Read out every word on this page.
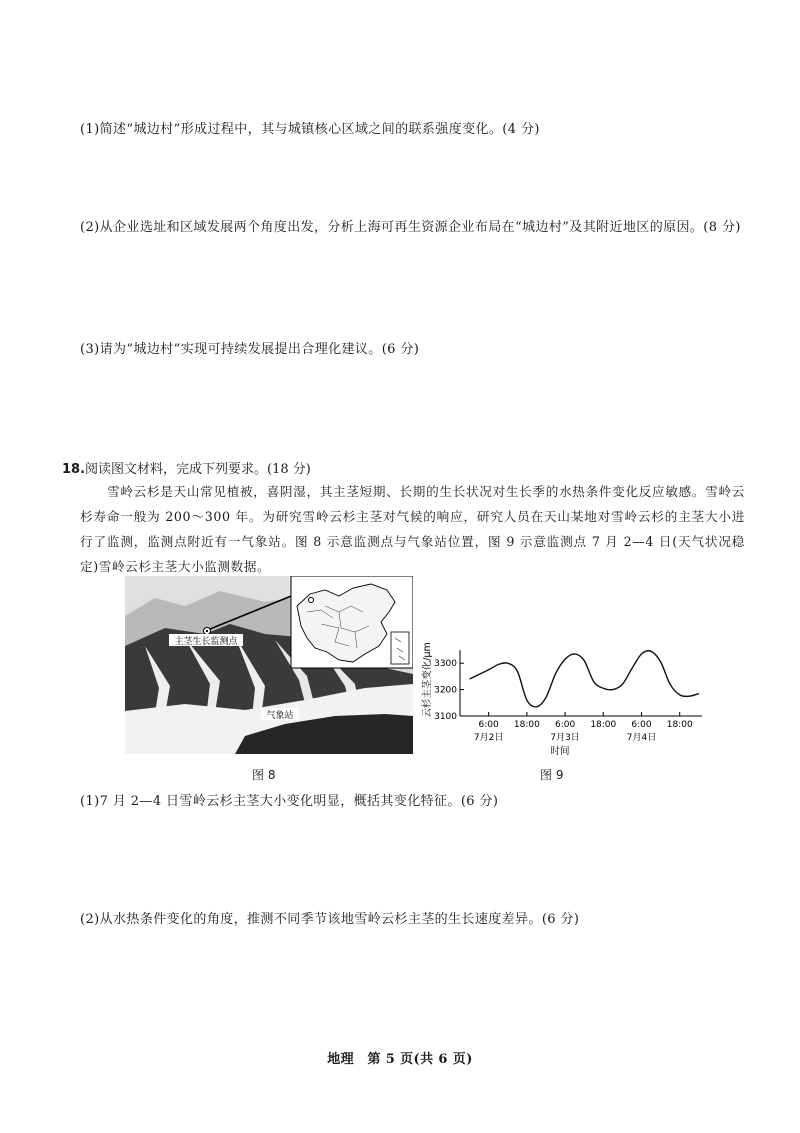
(1)简述“城边村”形成过程中，其与城镇核心区域之间的联系强度变化。(4 分)
(2)从企业选址和区域发展两个角度出发，分析上海可再生资源企业布局在“城边村”及其附近地区的原因。(8 分)
(3)请为“城边村”实现可持续发展提出合理化建议。(6 分)
18.阅读图文材料，完成下列要求。(18 分)
雪岭云杉是天山常见植被，喜阴湿，其主茎短期、长期的生长状况对生长季的水热条件变化反应敏感。雪岭云杉寿命一般为 200～300 年。为研究雪岭云杉主茎对气候的响应，研究人员在天山某地对雪岭云杉的主茎大小进行了监测，监测点附近有一气象站。图 8 示意监测点与气象站位置，图 9 示意监测点 7 月 2—4 日(天气状况稳定)雪岭云杉主茎大小监测数据。
主茎生长监测点
气象站
图 8
云杉主茎变化/μm 3100
3200
3300
6:00 18:00 6:00 18:00 6:00 18:00
7月2日	7月3日	7月4日
时间
图 9
(1)7 月 2—4 日雪岭云杉主茎大小变化明显，概括其变化特征。(6 分)
(2)从水热条件变化的角度，推测不同季节该地雪岭云杉主茎的生长速度差异。(6 分)
地理　第 5 页(共 6 页)
